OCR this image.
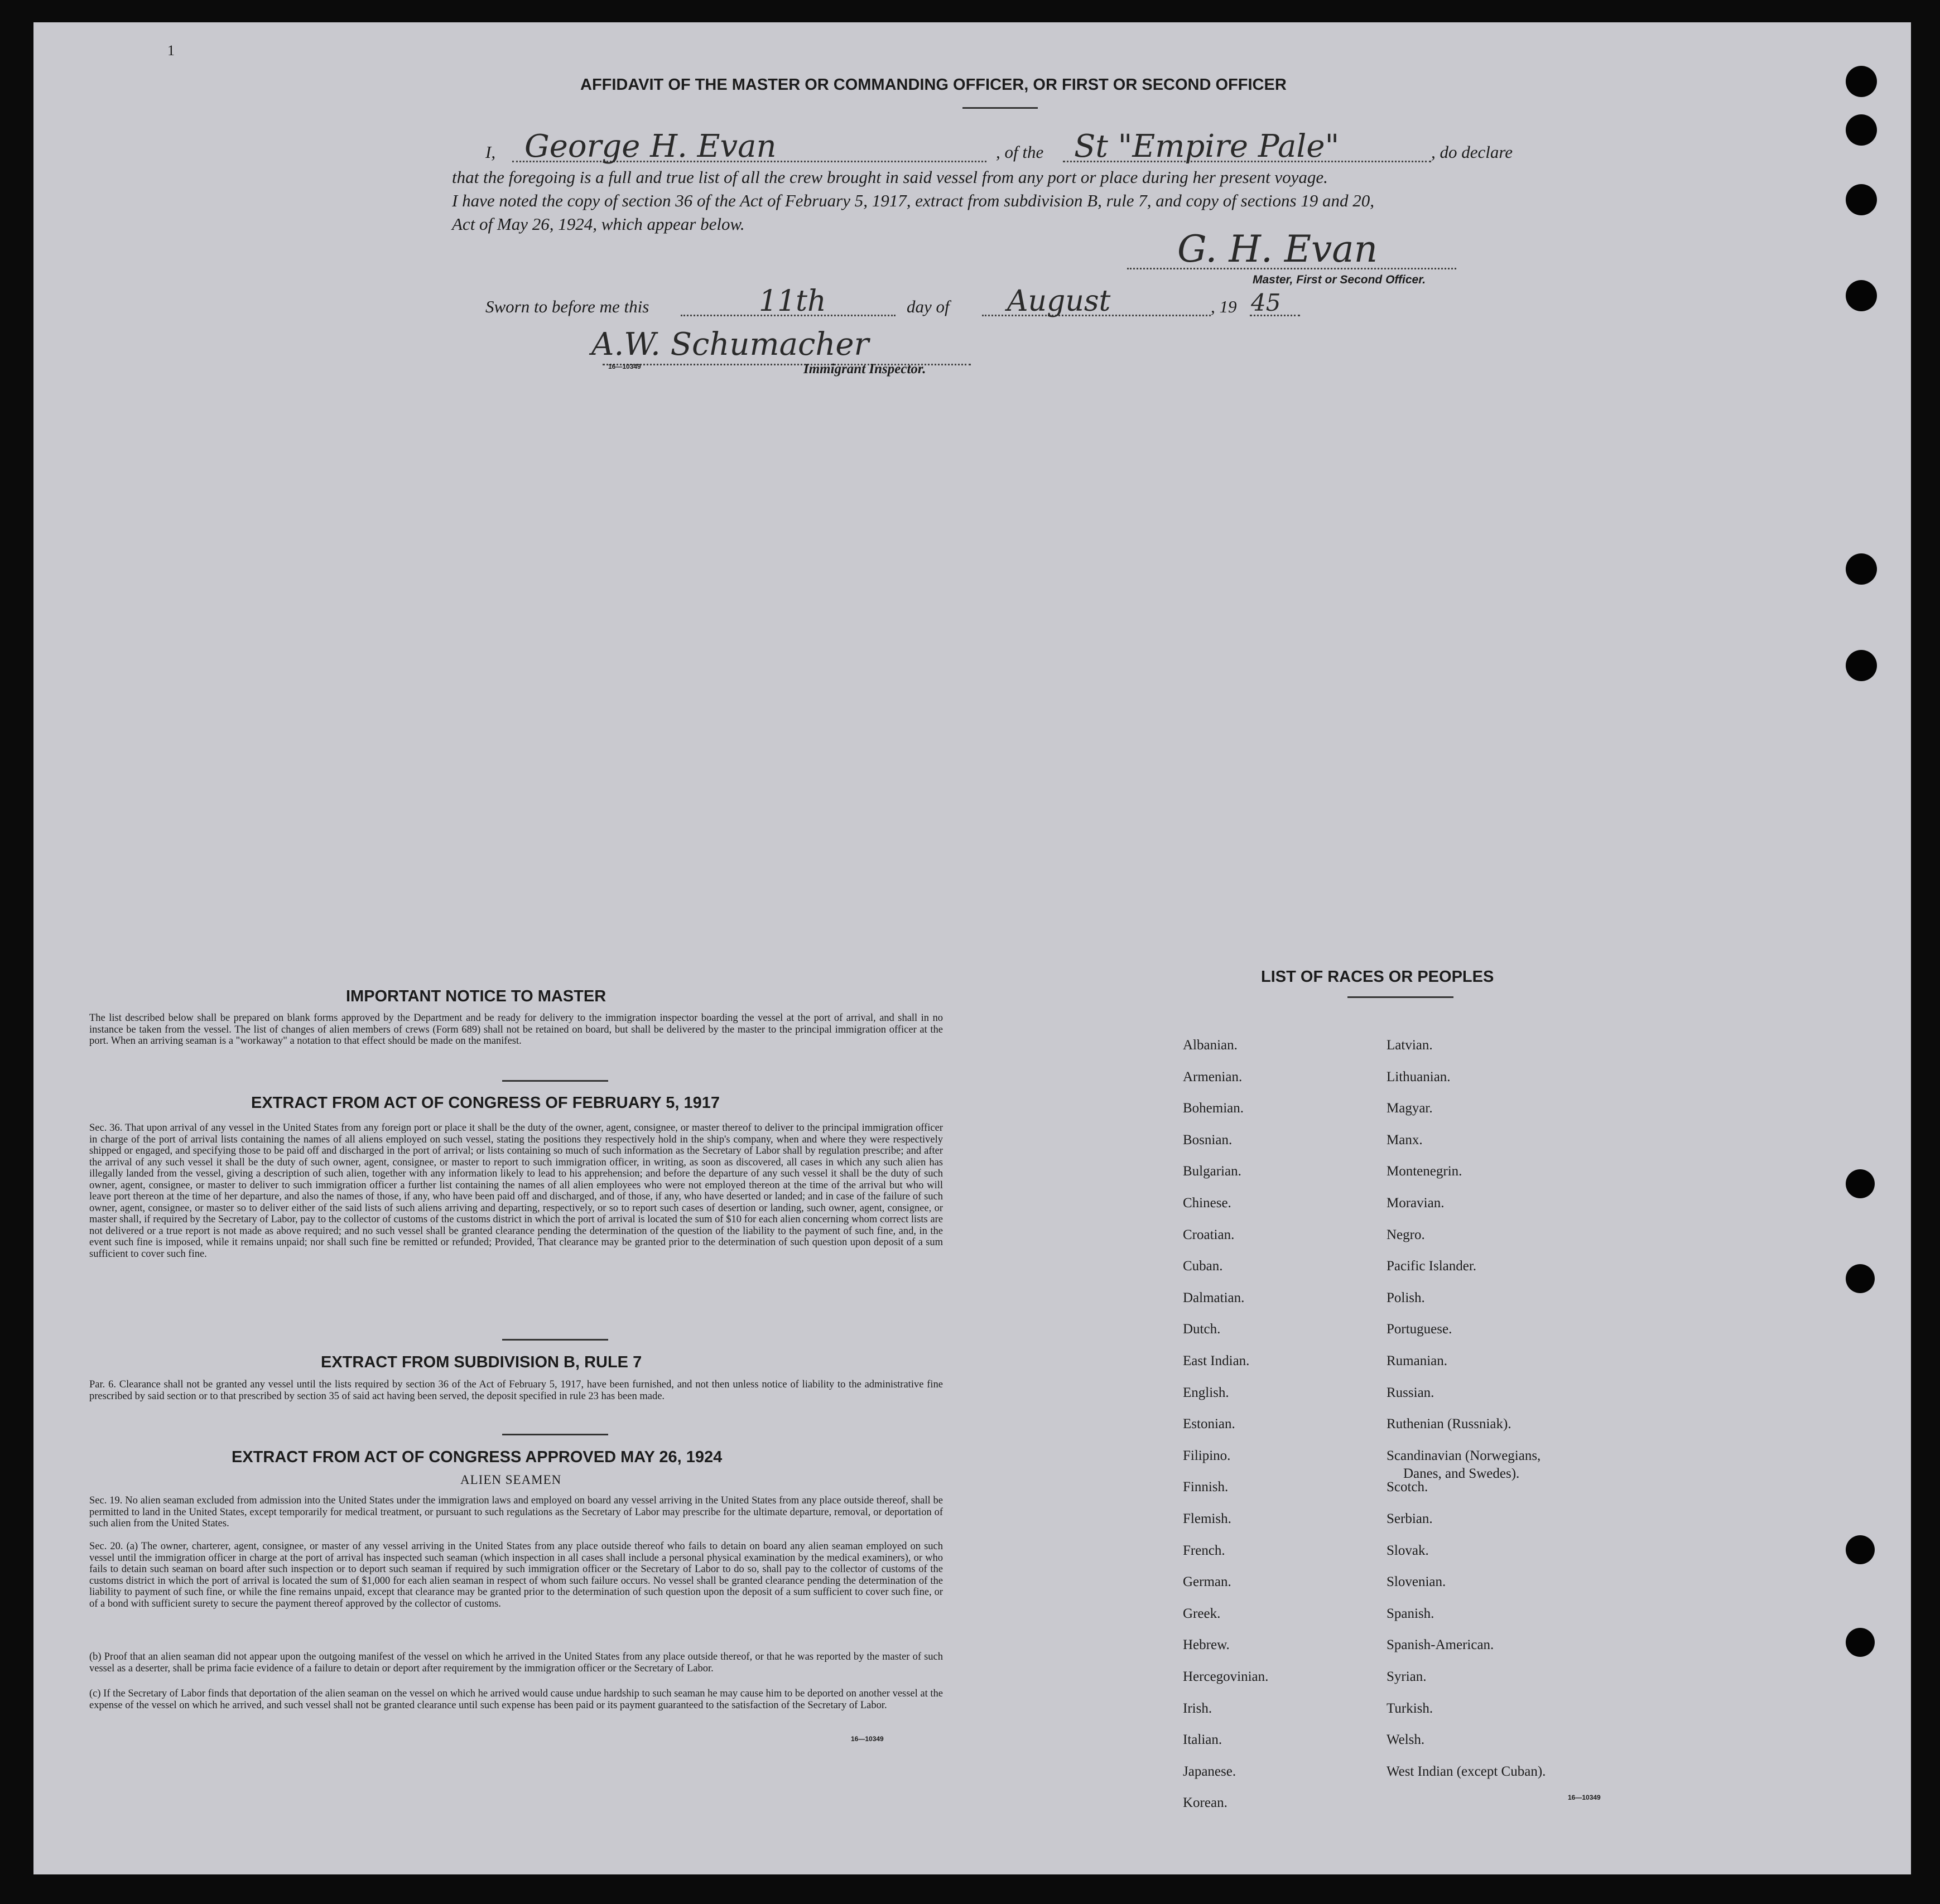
1
AFFIDAVIT OF THE MASTER OR COMMANDING OFFICER, OR FIRST OR SECOND OFFICER
I, George H. Evan	, of the St "Empire Pale"	, do declare
that the foregoing is a full and true list of all the crew brought in said vessel from any port or place during her present voyage.
I have noted the copy of section 36 of the Act of February 5, 1917, extract from subdivision B, rule 7, and copy of sections 19 and 20,
Act of May 26, 1924, which appear below.
G. H. Evan
Master, First or Second Officer.
Sworn to before me this	11th	day of August	, 19 45
A.W. Schumacher
16—10349	Immigrant Inspector.
IMPORTANT NOTICE TO MASTER
The list described below shall be prepared on blank forms approved by the Department and be ready for delivery to the immigration inspector boarding the vessel at the port of arrival, and shall in no instance be taken from the vessel. The list of changes of alien members of crews (Form 689) shall not be retained on board, but shall be delivered by the master to the principal immigration officer at the port. When an arriving seaman is a "workaway" a notation to that effect should be made on the manifest.
EXTRACT FROM ACT OF CONGRESS OF FEBRUARY 5, 1917
Sec. 36. That upon arrival of any vessel in the United States from any foreign port or place it shall be the duty of the owner, agent, consignee, or master thereof to deliver to the principal immigration officer in charge of the port of arrival lists containing the names of all aliens employed on such vessel, stating the positions they respectively hold in the ship's company, when and where they were respectively shipped or engaged, and specifying those to be paid off and discharged in the port of arrival; or lists containing so much of such information as the Secretary of Labor shall by regulation prescribe; and after the arrival of any such vessel it shall be the duty of such owner, agent, consignee, or master to report to such immigration officer, in writing, as soon as discovered, all cases in which any such alien has illegally landed from the vessel, giving a description of such alien, together with any information likely to lead to his apprehension; and before the departure of any such vessel it shall be the duty of such owner, agent, consignee, or master to deliver to such immigration officer a further list containing the names of all alien employees who were not employed thereon at the time of the arrival but who will leave port thereon at the time of her departure, and also the names of those, if any, who have been paid off and discharged, and of those, if any, who have deserted or landed; and in case of the failure of such owner, agent, consignee, or master so to deliver either of the said lists of such aliens arriving and departing, respectively, or so to report such cases of desertion or landing, such owner, agent, consignee, or master shall, if required by the Secretary of Labor, pay to the collector of customs of the customs district in which the port of arrival is located the sum of $10 for each alien concerning whom correct lists are not delivered or a true report is not made as above required; and no such vessel shall be granted clearance pending the determination of the question of the liability to the payment of such fine, and, in the event such fine is imposed, while it remains unpaid; nor shall such fine be remitted or refunded; Provided, That clearance may be granted prior to the determination of such question upon deposit of a sum sufficient to cover such fine.
EXTRACT FROM SUBDIVISION B, RULE 7
Par. 6. Clearance shall not be granted any vessel until the lists required by section 36 of the Act of February 5, 1917, have been furnished, and not then unless notice of liability to the administrative fine prescribed by said section or to that prescribed by section 35 of said act having been served, the deposit specified in rule 23 has been made.
EXTRACT FROM ACT OF CONGRESS APPROVED MAY 26, 1924
ALIEN SEAMEN
Sec. 19. No alien seaman excluded from admission into the United States under the immigration laws and employed on board any vessel arriving in the United States from any place outside thereof, shall be permitted to land in the United States, except temporarily for medical treatment, or pursuant to such regulations as the Secretary of Labor may prescribe for the ultimate departure, removal, or deportation of such alien from the United States.
Sec. 20. (a) The owner, charterer, agent, consignee, or master of any vessel arriving in the United States from any place outside thereof who fails to detain on board any alien seaman employed on such vessel until the immigration officer in charge at the port of arrival has inspected such seaman (which inspection in all cases shall include a personal physical examination by the medical examiners), or who fails to detain such seaman on board after such inspection or to deport such seaman if required by such immigration officer or the Secretary of Labor to do so, shall pay to the collector of customs of the customs district in which the port of arrival is located the sum of $1,000 for each alien seaman in respect of whom such failure occurs. No vessel shall be granted clearance pending the determination of the liability to payment of such fine, or while the fine remains unpaid, except that clearance may be granted prior to the determination of such question upon the deposit of a sum sufficient to cover such fine, or of a bond with sufficient surety to secure the payment thereof approved by the collector of customs.
(b) Proof that an alien seaman did not appear upon the outgoing manifest of the vessel on which he arrived in the United States from any place outside thereof, or that he was reported by the master of such vessel as a deserter, shall be prima facie evidence of a failure to detain or deport after requirement by the immigration officer or the Secretary of Labor.
(c) If the Secretary of Labor finds that deportation of the alien seaman on the vessel on which he arrived would cause undue hardship to such seaman he may cause him to be deported on another vessel at the expense of the vessel on which he arrived, and such vessel shall not be granted clearance until such expense has been paid or its payment guaranteed to the satisfaction of the Secretary of Labor.
16—10349
LIST OF RACES OR PEOPLES
Albanian.
Armenian.
Bohemian.
Bosnian.
Bulgarian.
Chinese.
Croatian.
Cuban.
Dalmatian.
Dutch.
East Indian.
English.
Estonian.
Filipino.
Finnish.
Flemish.
French.
German.
Greek.
Hebrew.
Hercegovinian.
Irish.
Italian.
Japanese.
Korean.
Latvian.
Lithuanian.
Magyar.
Manx.
Montenegrin.
Moravian.
Negro.
Pacific Islander.
Polish.
Portuguese.
Rumanian.
Russian.
Ruthenian (Russniak).
Scandinavian (Norwegians,
Danes, and Swedes).
Scotch.
Serbian.
Slovak.
Slovenian.
Spanish.
Spanish-American.
Syrian.
Turkish.
Welsh.
West Indian (except Cuban).
16—10349
